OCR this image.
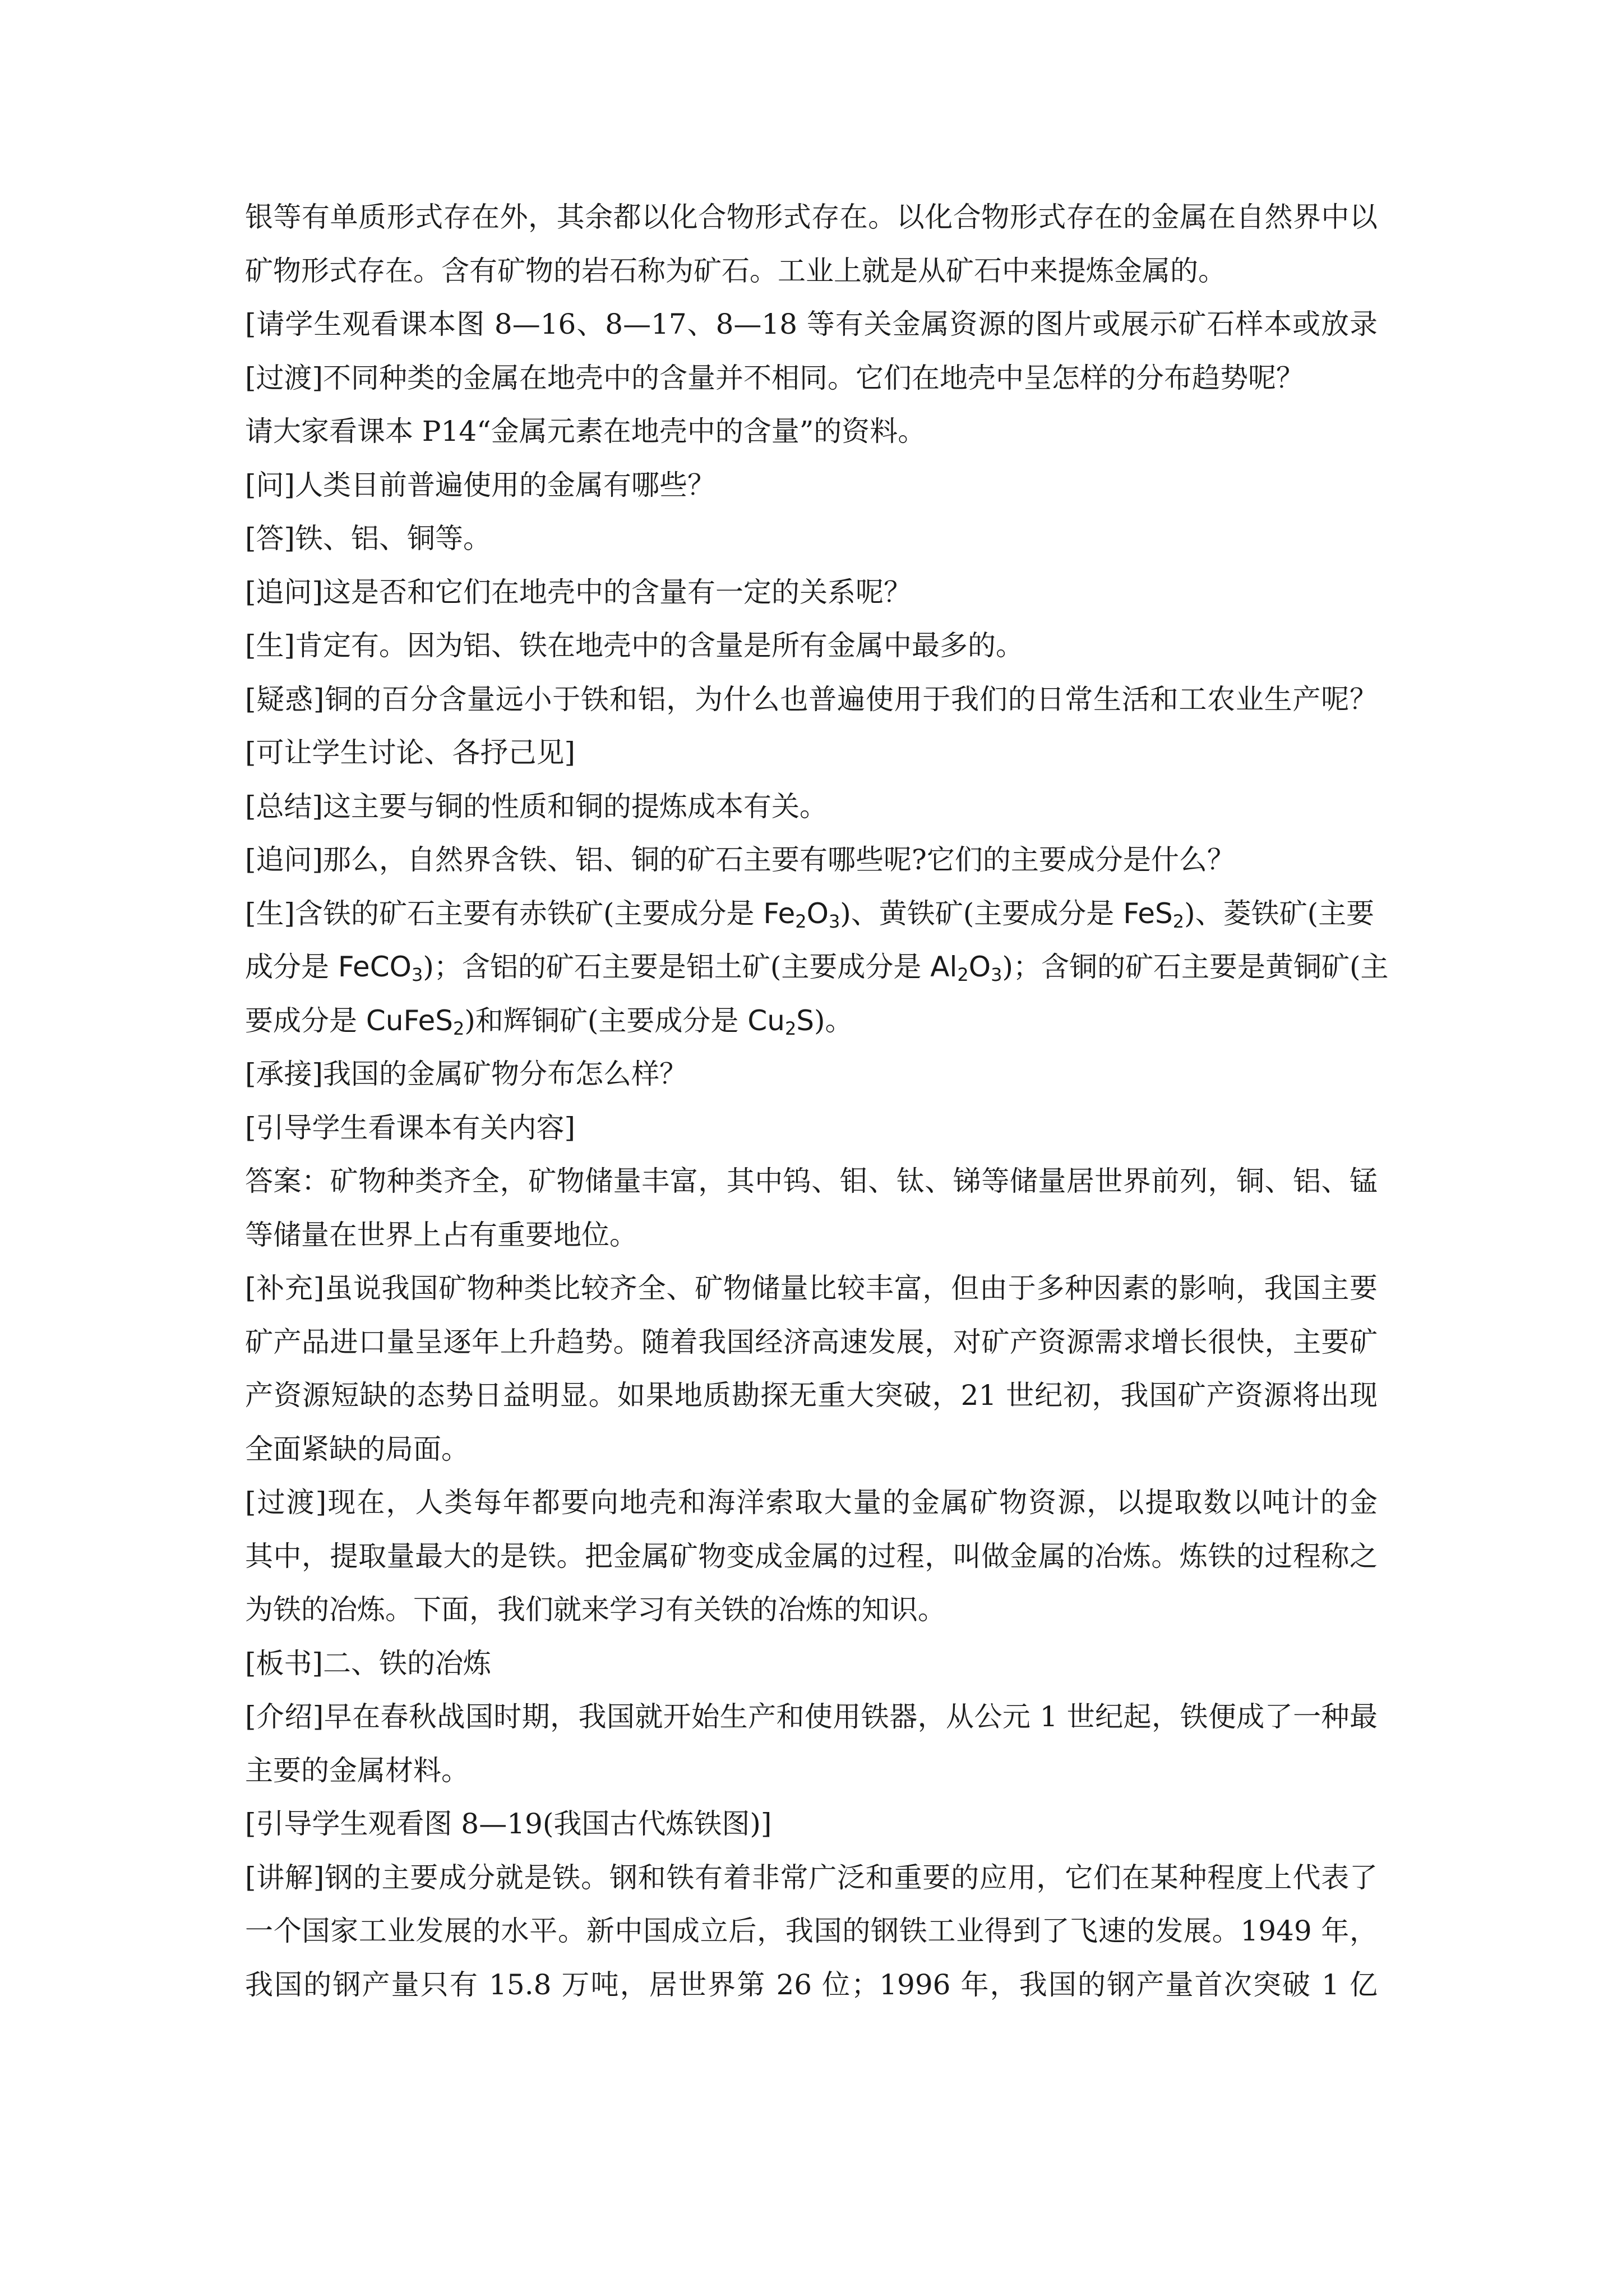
银等有单质形式存在外，其余都以化合物形式存在。以化合物形式存在的金属在自然界中以
矿物形式存在。含有矿物的岩石称为矿石。工业上就是从矿石中来提炼金属的。
[请学生观看课本图 8—16、8—17、8—18 等有关金属资源的图片或展示矿石样本或放录
[过渡]不同种类的金属在地壳中的含量并不相同。它们在地壳中呈怎样的分布趋势呢？
请大家看课本 P14“金属元素在地壳中的含量”的资料。
[问]人类目前普遍使用的金属有哪些？
[答]铁、铝、铜等。
[追问]这是否和它们在地壳中的含量有一定的关系呢？
[生]肯定有。因为铝、铁在地壳中的含量是所有金属中最多的。
[疑惑]铜的百分含量远小于铁和铝，为什么也普遍使用于我们的日常生活和工农业生产呢？
[可让学生讨论、各抒己见]
[总结]这主要与铜的性质和铜的提炼成本有关。
[追问]那么，自然界含铁、铝、铜的矿石主要有哪些呢?它们的主要成分是什么？
[生]含铁的矿石主要有赤铁矿(主要成分是 $Fe_2O_3$)、黄铁矿(主要成分是 FeS$_2$)、菱铁矿(主要
成分是 FeCO$_3$)；含铝的矿石主要是铝土矿(主要成分是 $Al_2O_3$)；含铜的矿石主要是黄铜矿(主
要成分是 CuFeS$_2$)和辉铜矿(主要成分是 $Cu_2S$)。
[承接]我国的金属矿物分布怎么样？
[引导学生看课本有关内容]
答案：矿物种类齐全，矿物储量丰富，其中钨、钼、钛、锑等储量居世界前列，铜、铝、锰
等储量在世界上占有重要地位。
[补充]虽说我国矿物种类比较齐全、矿物储量比较丰富，但由于多种因素的影响，我国主要
矿产品进口量呈逐年上升趋势。随着我国经济高速发展，对矿产资源需求增长很快，主要矿
产资源短缺的态势日益明显。如果地质勘探无重大突破，21 世纪初，我国矿产资源将出现
全面紧缺的局面。
[过渡]现在，人类每年都要向地壳和海洋索取大量的金属矿物资源，以提取数以吨计的金
其中，提取量最大的是铁。把金属矿物变成金属的过程，叫做金属的冶炼。炼铁的过程称之
为铁的冶炼。下面，我们就来学习有关铁的冶炼的知识。
[板书]二、铁的冶炼
[介绍]早在春秋战国时期，我国就开始生产和使用铁器，从公元 1 世纪起，铁便成了一种最
主要的金属材料。
[引导学生观看图 8—19(我国古代炼铁图)]
[讲解]钢的主要成分就是铁。钢和铁有着非常广泛和重要的应用，它们在某种程度上代表了
一个国家工业发展的水平。新中国成立后，我国的钢铁工业得到了飞速的发展。1949 年，
我国的钢产量只有 15.8 万吨，居世界第 26 位；1996 年，我国的钢产量首次突破 1 亿
